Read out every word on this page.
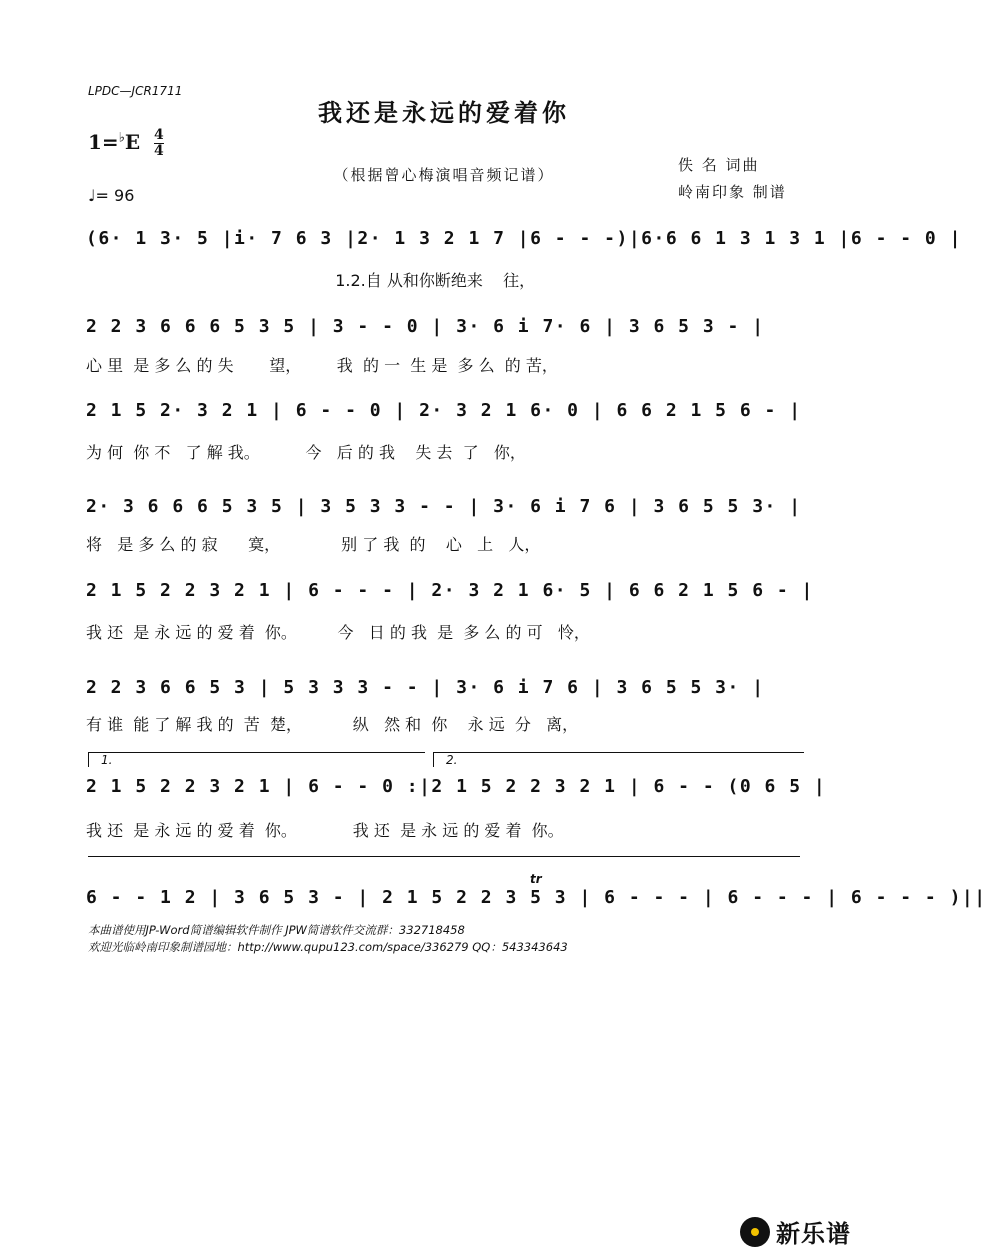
LPDC—JCR1711
我还是永远的爱着你
1=♭E 4
4
♩= 96
（根据曾心梅演唱音频记谱）
佚 名 词曲
岭南印象 制谱
(6· 1 3· 5 |i· 7 6 3 |2· 1 3 2 1 7 |6 - - -)|6·6 6 1 3 1 3 1 |6 - - 0 |
1.2.自 从和你断绝来    往，
2 2 3 6 6 6 5 3 5 | 3 - - 0 | 3· 6 i 7· 6 | 3 6 5 3 - |
心 里  是 多 么 的 失       望，       我  的 一  生 是  多 么  的 苦，
2 1 5 2· 3 2 1 | 6 - - 0 | 2· 3 2 1 6· 0 | 6 6 2 1 5 6 - |
为 何  你 不   了 解 我。         今   后 的 我    失 去  了   你，
2· 3 6 6 6 5 3 5 | 3 5 3 3 - - | 3· 6 i 7 6 | 3 6 5 5 3· |
将   是 多 么 的 寂      寞，            别 了 我  的    心   上   人，
2 1 5 2 2 3 2 1 | 6 - - - | 2· 3 2 1 6· 5 | 6 6 2 1 5 6 - |
我 还  是 永 远 的 爱 着  你。        今   日 的 我  是  多 么 的 可   怜，
2 2 3 6 6 5 3 | 5 3 3 3 - - | 3· 6 i 7 6 | 3 6 5 5 3· |
有 谁  能 了 解 我 的  苦  楚，          纵   然 和  你    永 远  分   离，
1.	2.
2 1 5 2 2 3 2 1 | 6 - - 0 :|2 1 5 2 2 3 2 1 | 6 - - (0 6 5 |
我 还  是 永 远 的 爱 着  你。           我 还  是 永 远 的 爱 着  你。
tr
6 - - 1 2 | 3 6 5 3 - | 2 1 5 2 2 3 5 3 | 6 - - - | 6 - - - | 6 - - - )||
本曲谱使用JP-Word简谱编辑软件制作 JPW简谱软件交流群：332718458
欢迎光临岭南印象制谱园地：http://www.qupu123.com/space/336279 QQ：543343643
新乐谱
